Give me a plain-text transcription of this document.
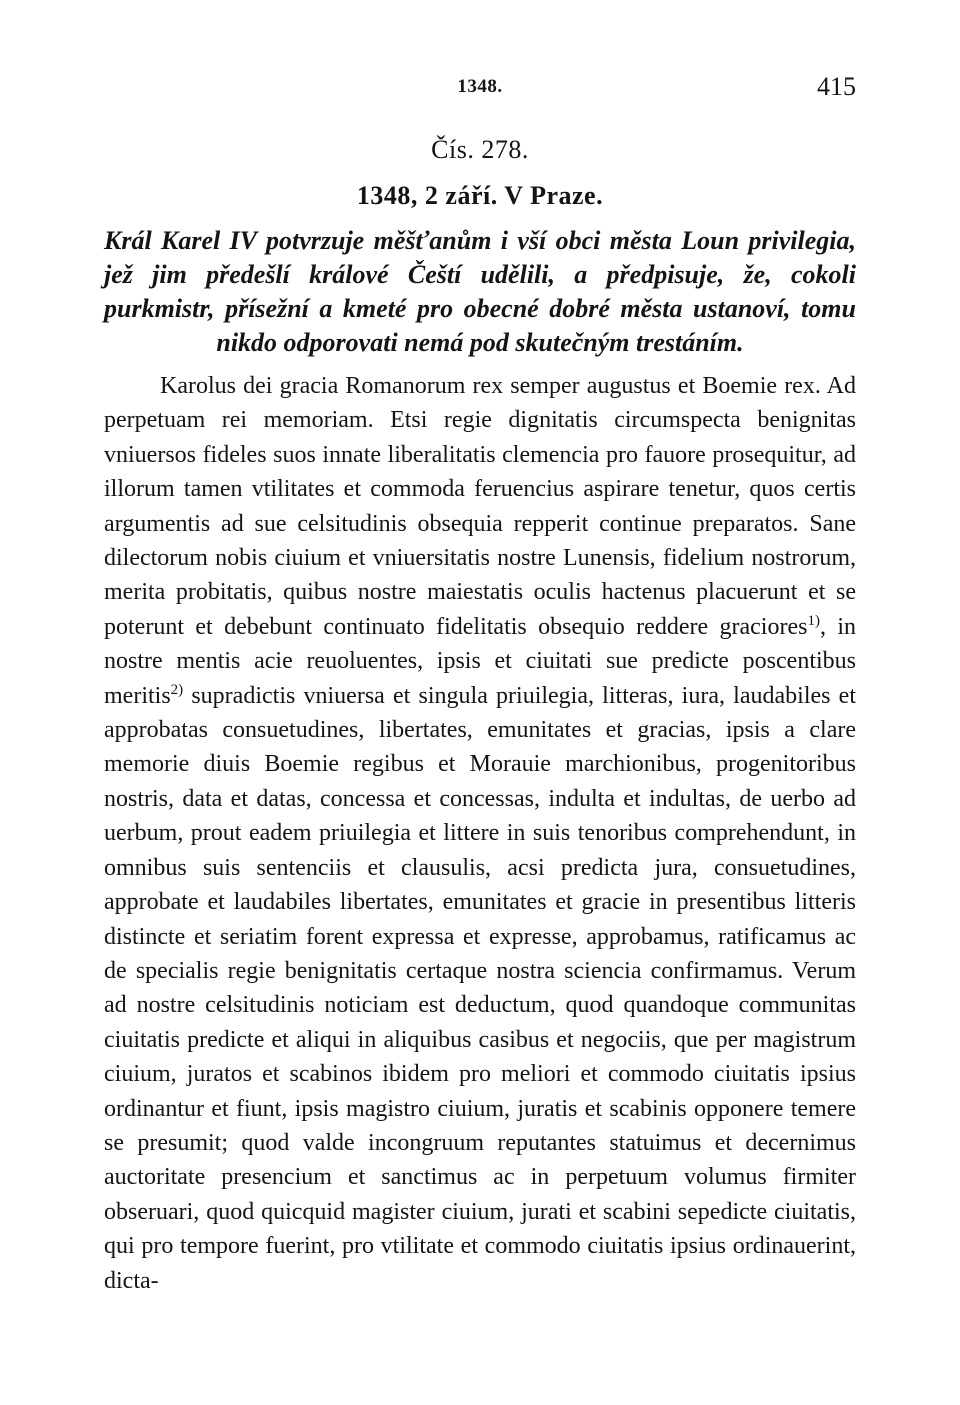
1348.	415
Čís. 278.
1348, 2 září. V Praze.
Král Karel IV potvrzuje měšťanům i vší obci města Loun privilegia, jež jim předešlí králové Čeští udělili, a předpisuje, že, cokoli purkmistr, přísežní a kmeté pro obecné dobré města ustanoví, tomu nikdo odporovati nemá pod skutečným trestáním.

Karolus dei gracia Romanorum rex semper augustus et Boemie rex. Ad perpetuam rei memoriam. Etsi regie dignitatis circumspecta benignitas vniuersos fideles suos innate liberalitatis clemencia pro fauore prosequitur, ad illorum tamen vtilitates et commoda feruencius aspirare tenetur, quos certis argumentis ad sue celsitudinis obsequia repperit continue preparatos. Sane dilectorum nobis ciuium et vniuersitatis nostre Lunensis, fidelium nostrorum, merita probitatis, quibus nostre maiestatis oculis hactenus placuerunt et se poterunt et debebunt continuato fidelitatis obsequio reddere graciores$^{1)}$, in nostre mentis acie reuoluentes, ipsis et ciuitati sue predicte poscentibus meritis$^{2)}$ supradictis vniuersa et singula priuilegia, litteras, iura, laudabiles et approbatas consuetudines, libertates, emunitates et gracias, ipsis a clare memorie diuis Boemie regibus et Morauie marchionibus, progenitoribus nostris, data et datas, concessa et concessas, indulta et indultas, de uerbo ad uerbum, prout eadem priuilegia et littere in suis tenoribus comprehendunt, in omnibus suis sentenciis et clausulis, acsi predicta jura, consuetudines, approbate et laudabiles libertates, emunitates et gracie in presentibus litteris distincte et seriatim forent expressa et expresse, approbamus, ratificamus ac de specialis regie benignitatis certaque nostra sciencia confirmamus. Verum ad nostre celsitudinis noticiam est deductum, quod quandoque communitas ciuitatis predicte et aliqui in aliquibus casibus et negociis, que per magistrum ciuium, juratos et scabinos ibidem pro meliori et commodo ciuitatis ipsius ordinantur et fiunt, ipsis magistro ciuium, juratis et scabinis opponere temere se presumit; quod valde incongruum reputantes statuimus et decernimus auctoritate presencium et sanctimus ac in perpetuum volumus firmiter obseruari, quod quicquid magister ciuium, jurati et scabini sepedicte ciuitatis, qui pro tempore fuerint, pro vtilitate et commodo ciuitatis ipsius ordinauerint, dicta-
